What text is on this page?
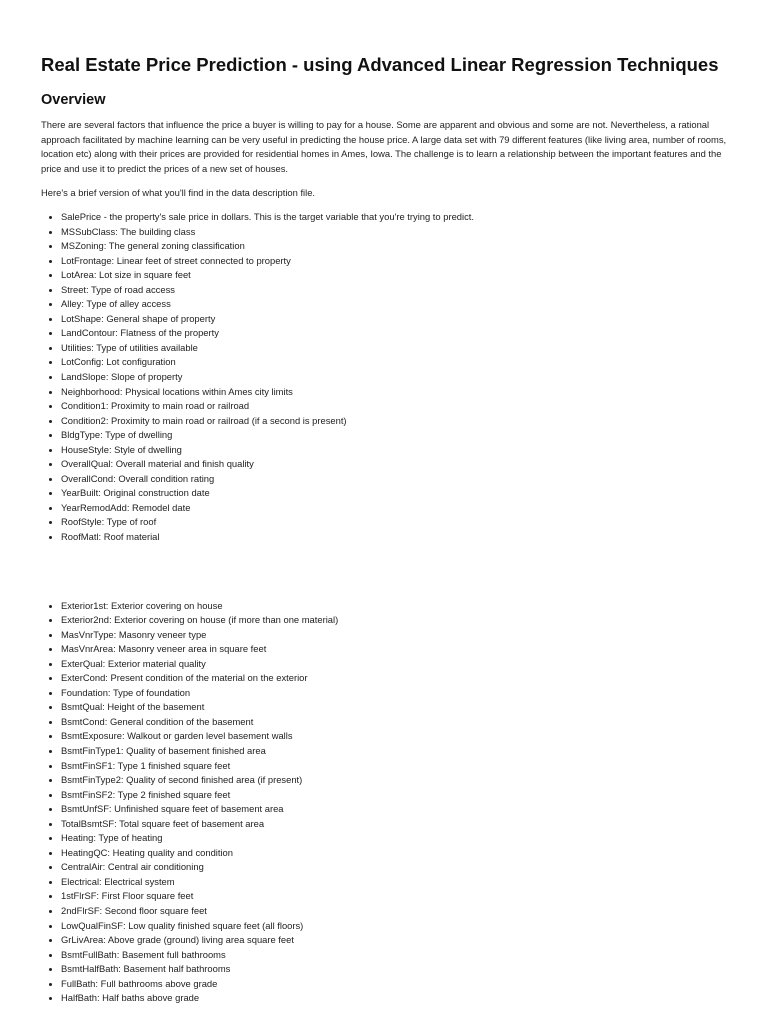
Real Estate Price Prediction - using Advanced Linear Regression Techniques
Overview

There are several factors that influence the price a buyer is willing to pay for a house. Some are apparent and obvious and some are not. Nevertheless, a rational approach facilitated by machine learning can be very useful in predicting the house price. A large data set with 79 different features (like living area, number of rooms, location etc) along with their prices are provided for residential homes in Ames, Iowa. The challenge is to learn a relationship between the important features and the price and use it to predict the prices of a new set of houses.

Here's a brief version of what you'll find in the data description file.

• SalePrice - the property's sale price in dollars. This is the target variable that you're trying to predict.
• MSSubClass: The building class
• MSZoning: The general zoning classification
• LotFrontage: Linear feet of street connected to property
• LotArea: Lot size in square feet
• Street: Type of road access
• Alley: Type of alley access
• LotShape: General shape of property
• LandContour: Flatness of the property
• Utilities: Type of utilities available
• LotConfig: Lot configuration
• LandSlope: Slope of property
• Neighborhood: Physical locations within Ames city limits
• Condition1: Proximity to main road or railroad
• Condition2: Proximity to main road or railroad (if a second is present)
• BldgType: Type of dwelling
• HouseStyle: Style of dwelling
• OverallQual: Overall material and finish quality
• OverallCond: Overall condition rating
• YearBuilt: Original construction date
• YearRemodAdd: Remodel date
• RoofStyle: Type of roof
• RoofMatl: Roof material
• Exterior1st: Exterior covering on house
• Exterior2nd: Exterior covering on house (if more than one material)
• MasVnrType: Masonry veneer type
• MasVnrArea: Masonry veneer area in square feet
• ExterQual: Exterior material quality
• ExterCond: Present condition of the material on the exterior
• Foundation: Type of foundation
• BsmtQual: Height of the basement
• BsmtCond: General condition of the basement
• BsmtExposure: Walkout or garden level basement walls
• BsmtFinType1: Quality of basement finished area
• BsmtFinSF1: Type 1 finished square feet
• BsmtFinType2: Quality of second finished area (if present)
• BsmtFinSF2: Type 2 finished square feet
• BsmtUnfSF: Unfinished square feet of basement area
• TotalBsmtSF: Total square feet of basement area
• Heating: Type of heating
• HeatingQC: Heating quality and condition
• CentralAir: Central air conditioning
• Electrical: Electrical system
• 1stFlrSF: First Floor square feet
• 2ndFlrSF: Second floor square feet
• LowQualFinSF: Low quality finished square feet (all floors)
• GrLivArea: Above grade (ground) living area square feet
• BsmtFullBath: Basement full bathrooms
• BsmtHalfBath: Basement half bathrooms
• FullBath: Full bathrooms above grade
• HalfBath: Half baths above grade
